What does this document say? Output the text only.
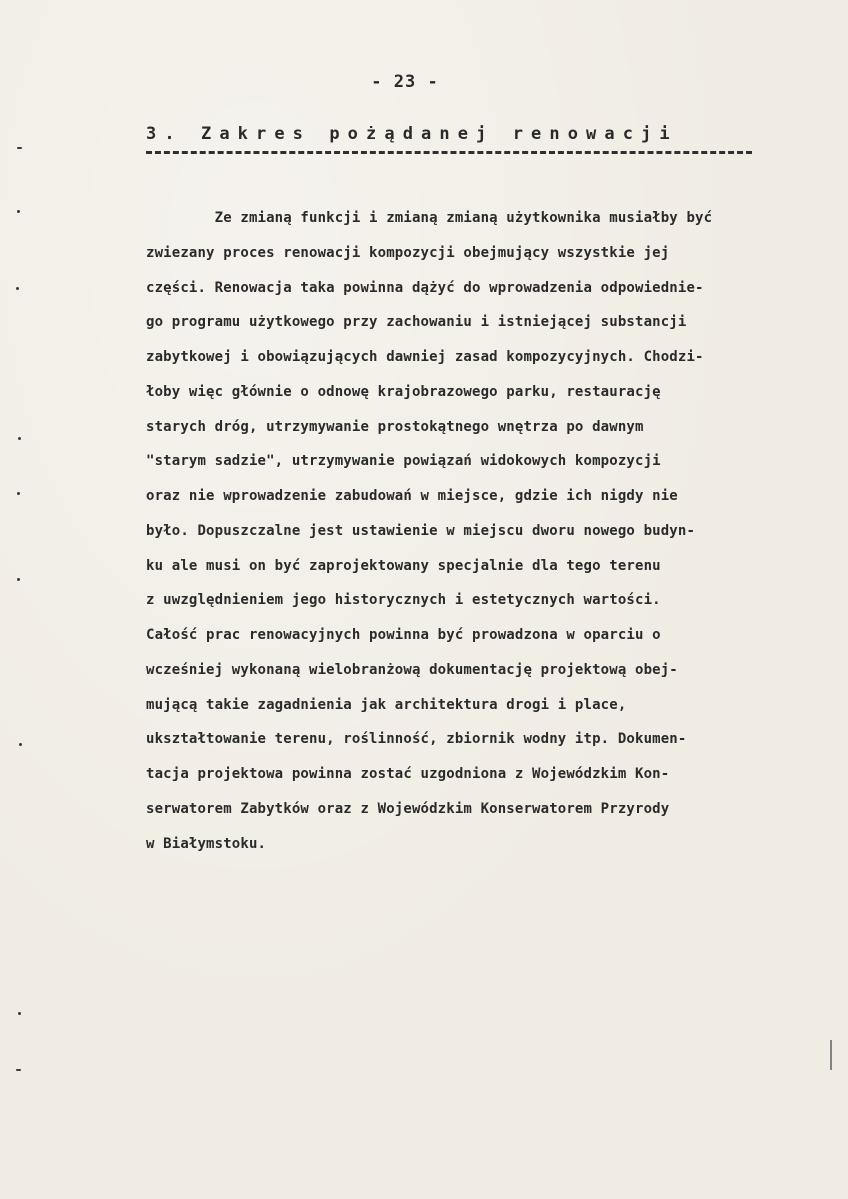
- 23 -
3. Zakres pożądanej renowacji
Ze zmianą funkcji i zmianą zmianą użytkownika musiałby być
zwiezany proces renowacji kompozycji obejmujący wszystkie jej
części. Renowacja taka powinna dążyć do wprowadzenia odpowiednie-
go programu użytkowego przy zachowaniu i istniejącej substancji
zabytkowej i obowiązujących dawniej zasad kompozycyjnych. Chodzi-
łoby więc głównie o odnowę krajobrazowego parku, restaurację
starych dróg, utrzymywanie prostokątnego wnętrza po dawnym
"starym sadzie", utrzymywanie powiązań widokowych kompozycji
oraz nie wprowadzenie zabudowań w miejsce, gdzie ich nigdy nie
było. Dopuszczalne jest ustawienie w miejscu dworu nowego budyn-
ku ale musi on być zaprojektowany specjalnie dla tego terenu
z uwzględnieniem jego historycznych i estetycznych wartości.
Całość prac renowacyjnych powinna być prowadzona w oparciu o
wcześniej wykonaną wielobranżową dokumentację projektową obej-
mującą takie zagadnienia jak architektura drogi i place,
ukształtowanie terenu, roślinność, zbiornik wodny itp. Dokumen-
tacja projektowa powinna zostać uzgodniona z Wojewódzkim Kon-
serwatorem Zabytków oraz z Wojewódzkim Konserwatorem Przyrody
w Białymstoku.
